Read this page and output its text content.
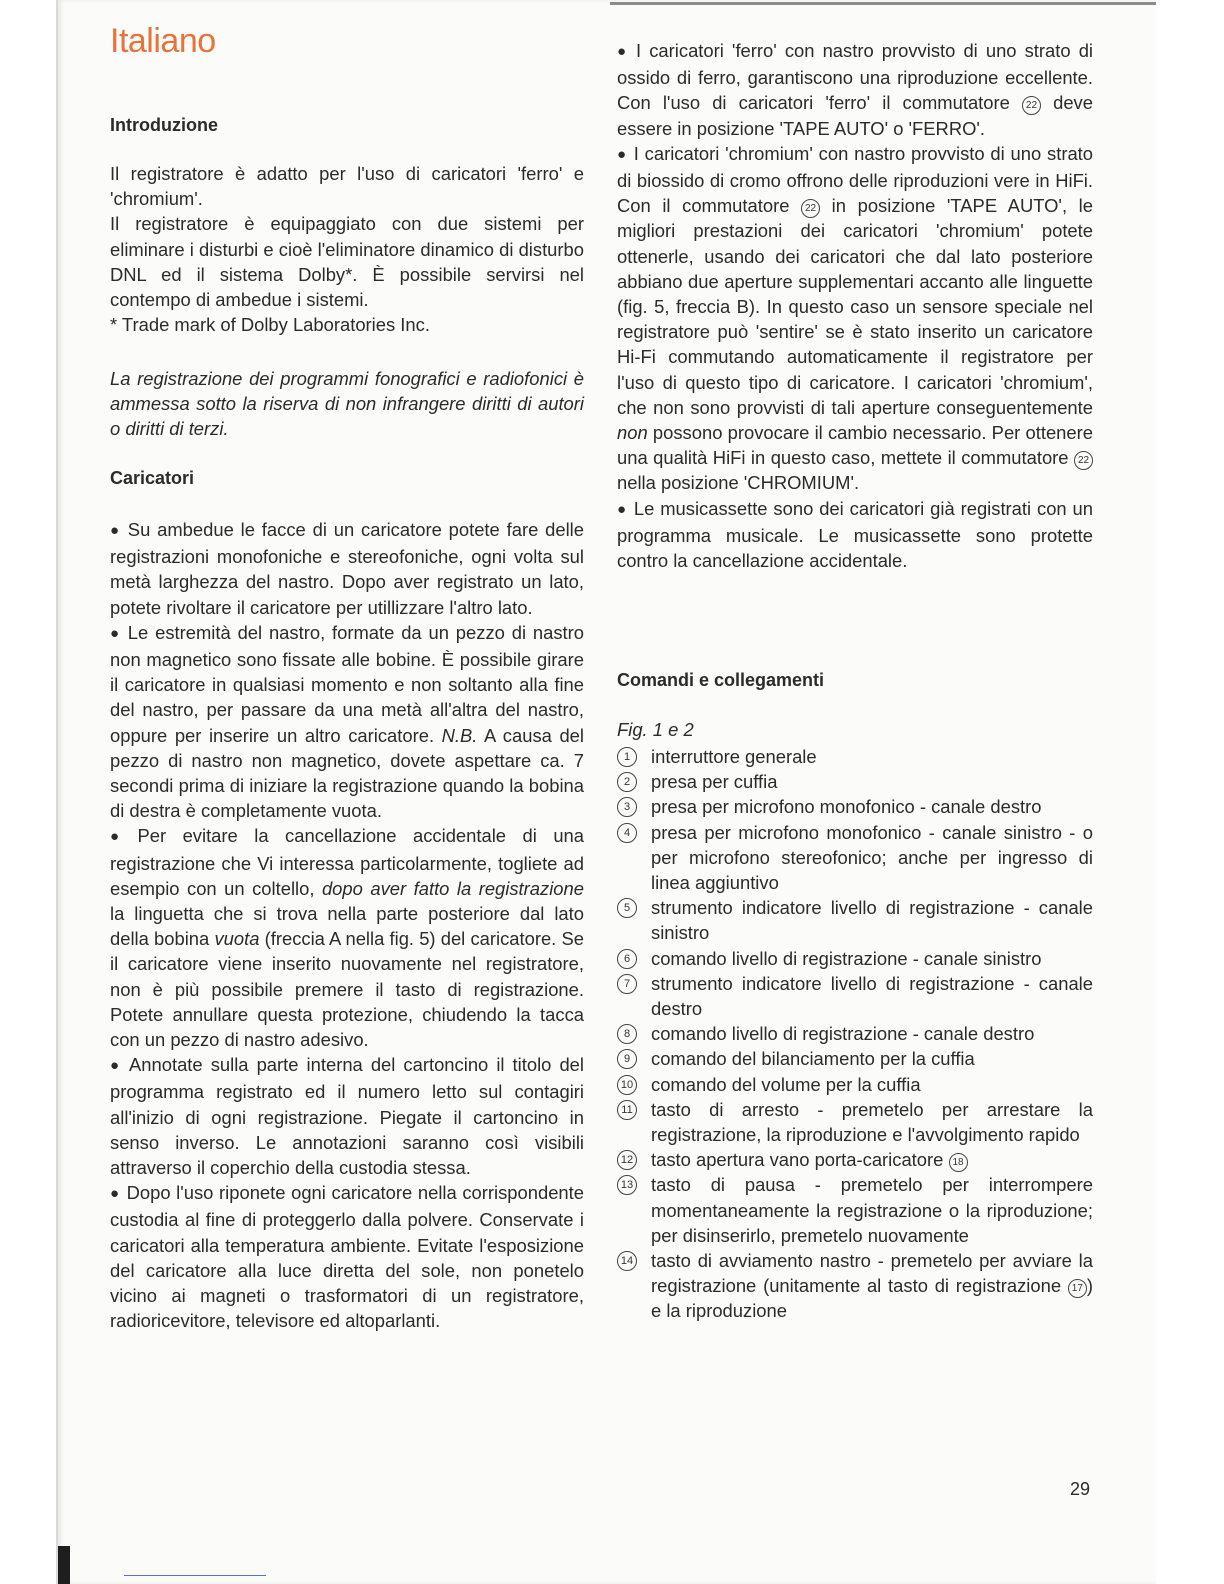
Italiano
Introduzione

Il registratore è adatto per l'uso di caricatori 'ferro' e 'chromium'.

Il registratore è equipaggiato con due sistemi per eliminare i disturbi e cioè l'eliminatore dinamico di disturbo DNL ed il sistema Dolby*. È possibile servirsi nel contempo di ambedue i sistemi.

* Trade mark of Dolby Laboratories Inc.

La registrazione dei programmi fonografici e radiofonici è ammessa sotto la riserva di non infrangere diritti di autori o diritti di terzi.
Caricatori

● Su ambedue le facce di un caricatore potete fare delle registrazioni monofoniche e stereofoniche, ogni volta sul metà larghezza del nastro. Dopo aver registrato un lato, potete rivoltare il caricatore per utillizzare l'altro lato.

● Le estremità del nastro, formate da un pezzo di nastro non magnetico sono fissate alle bobine. È possibile girare il caricatore in qualsiasi momento e non soltanto alla fine del nastro, per passare da una metà all'altra del nastro, oppure per inserire un altro caricatore. N.B. A causa del pezzo di nastro non magnetico, dovete aspettare ca. 7 secondi prima di iniziare la registrazione quando la bobina di destra è completamente vuota.

● Per evitare la cancellazione accidentale di una registrazione che Vi interessa particolarmente, togliete ad esempio con un coltello, dopo aver fatto la registrazione la linguetta che si trova nella parte posteriore dal lato della bobina vuota (freccia A nella fig. 5) del caricatore. Se il caricatore viene inserito nuovamente nel registratore, non è più possibile premere il tasto di registrazione. Potete annullare questa protezione, chiudendo la tacca con un pezzo di nastro adesivo.

● Annotate sulla parte interna del cartoncino il titolo del programma registrato ed il numero letto sul contagiri all'inizio di ogni registrazione. Piegate il cartoncino in senso inverso. Le annotazioni saranno così visibili attraverso il coperchio della custodia stessa.

● Dopo l'uso riponete ogni caricatore nella corrispondente custodia al fine di proteggerlo dalla polvere. Conservate i caricatori alla temperatura ambiente. Evitate l'esposizione del caricatore alla luce diretta del sole, non ponetelo vicino ai magneti o trasformatori di un registratore, radioricevitore, televisore ed altoparlanti.

● I caricatori 'ferro' con nastro provvisto di uno strato di ossido di ferro, garantiscono una riproduzione eccellente. Con l'uso di caricatori 'ferro' il commutatore 22 deve essere in posizione 'TAPE AUTO' o 'FERRO'.

● I caricatori 'chromium' con nastro provvisto di uno strato di biossido di cromo offrono delle riproduzioni vere in HiFi. Con il commutatore 22 in posizione 'TAPE AUTO', le migliori prestazioni dei caricatori 'chromium' potete ottenerle, usando dei caricatori che dal lato posteriore abbiano due aperture supplementari accanto alle linguette (fig. 5, freccia B). In questo caso un sensore speciale nel registratore può 'sentire' se è stato inserito un caricatore Hi-Fi commutando automaticamente il registratore per l'uso di questo tipo di caricatore. I caricatori 'chromium', che non sono provvisti di tali aperture conseguentemente non possono provocare il cambio necessario. Per ottenere una qualità HiFi in questo caso, mettete il commutatore 22 nella posizione 'CHROMIUM'.

● Le musicassette sono dei caricatori già registrati con un programma musicale. Le musicassette sono protette contro la cancellazione accidentale.

Comandi e collegamenti

Fig. 1 e 2

1	interruttore generale
2	presa per cuffia
3	presa per microfono monofonico - canale destro
4	presa per microfono monofonico - canale sinistro - o per microfono stereofonico; anche per ingresso di linea aggiuntivo
5	strumento indicatore livello di registrazione - canale sinistro
6	comando livello di registrazione - canale sinistro
7	strumento indicatore livello di registrazione - canale destro
8	comando livello di registrazione - canale destro
9	comando del bilanciamento per la cuffia
10 comando del volume per la cuffia
11 tasto di arresto - premetelo per arrestare la registrazione, la riproduzione e l'avvolgimento rapido
12 tasto apertura vano porta-caricatore 18
13 tasto di pausa - premetelo per interrompere momentaneamente la registrazione o la riproduzione; per disinserirlo, premetelo nuovamente
14 tasto di avviamento nastro - premetelo per avviare la registrazione (unitamente al tasto di registrazione 17 ) e la riproduzione
29
